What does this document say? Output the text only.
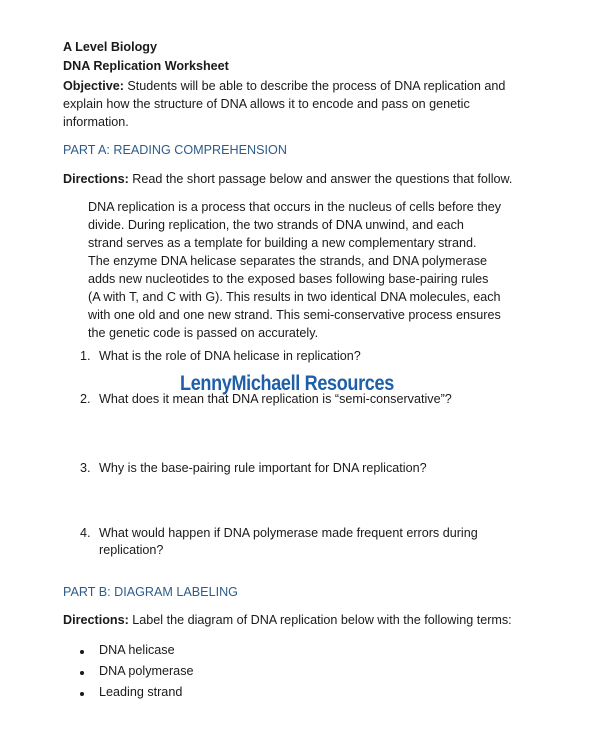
A Level Biology
DNA Replication Worksheet
Objective: Students will be able to describe the process of DNA replication and
explain how the structure of DNA allows it to encode and pass on genetic
information.
PART A: READING COMPREHENSION
Directions: Read the short passage below and answer the questions that follow.
DNA replication is a process that occurs in the nucleus of cells before they
divide. During replication, the two strands of DNA unwind, and each
strand serves as a template for building a new complementary strand.
The enzyme DNA helicase separates the strands, and DNA polymerase
adds new nucleotides to the exposed bases following base-pairing rules
(A with T, and C with G). This results in two identical DNA molecules, each
with one old and one new strand. This semi-conservative process ensures
the genetic code is passed on accurately.
1. What is the role of DNA helicase in replication?
LennyMichaell Resources
2. What does it mean that DNA replication is “semi-conservative”?
3. Why is the base-pairing rule important for DNA replication?
4. What would happen if DNA polymerase made frequent errors during
replication?
PART B: DIAGRAM LABELING
Directions: Label the diagram of DNA replication below with the following terms:
DNA helicase
DNA polymerase
Leading strand
